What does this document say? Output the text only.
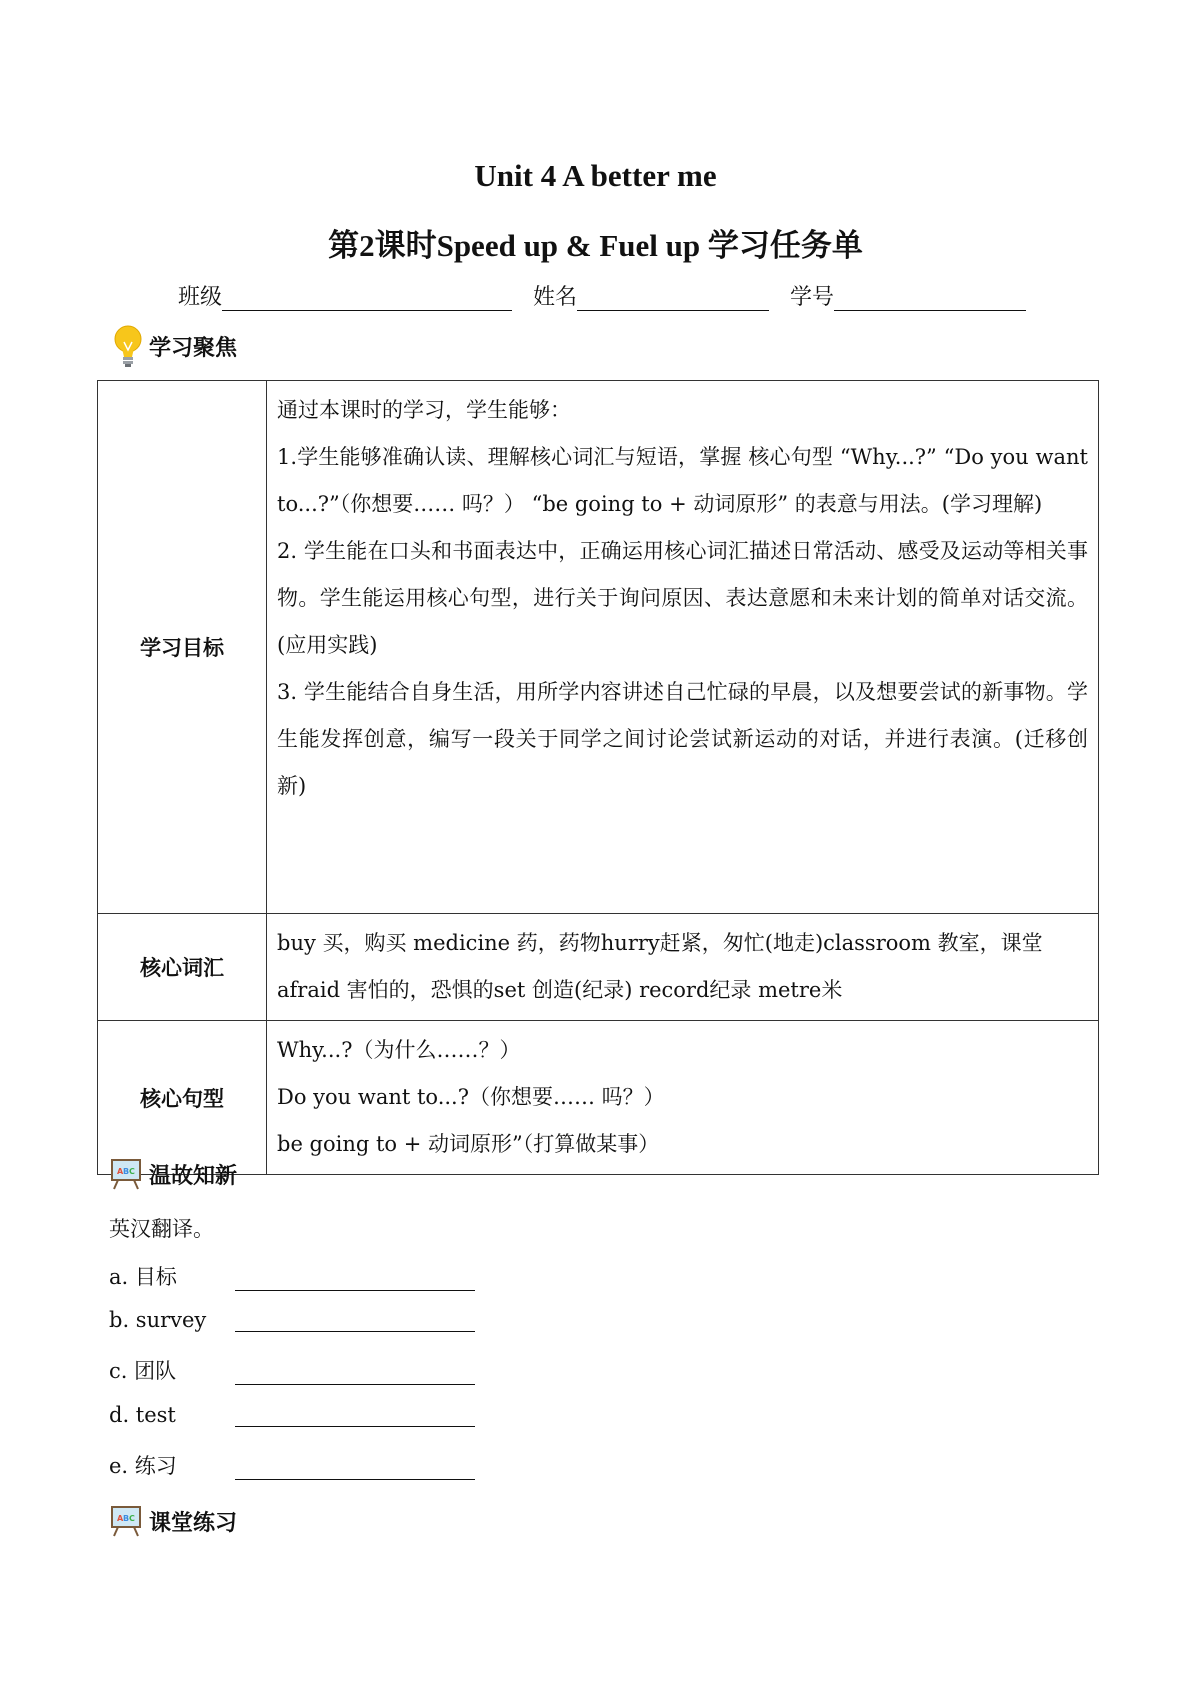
Unit 4 A better me
第2课时Speed up & Fuel up 学习任务单
班级	姓名	学号
学习聚焦
学习目标	通过本课时的学习，学生能够：

1.学生能够准确认读、理解核心词汇与短语，掌握 核心句型 “Why...?” “Do you want to...?”（你想要…… 吗？） “be going to + 动词原形” 的表意与用法。(学习理解)

2. 学生能在口头和书面表达中，正确运用核心词汇描述日常活动、感受及运动等相关事物。学生能运用核心句型，进行关于询问原因、表达意愿和未来计划的简单对话交流。(应用实践)

3. 学生能结合自身生活，用所学内容讲述自己忙碌的早晨，以及想要尝试的新事物。学生能发挥创意，编写一段关于同学之间讨论尝试新运动的对话，并进行表演。(迁移创新)

核心词汇	buy 买，购买 medicine 药，药物hurry赶紧，匆忙(地走)classroom 教室，课堂

afraid 害怕的，恐惧的set 创造(纪录) record纪录 metre米

核心句型	Why...?（为什么……？）

Do you want to...?（你想要…… 吗？）

be going to + 动词原形”（打算做某事）

A B C 温故知新
英汉翻译。
a. 目标
b. survey
c. 团队
d. test
e. 练习
A B C 课堂练习
